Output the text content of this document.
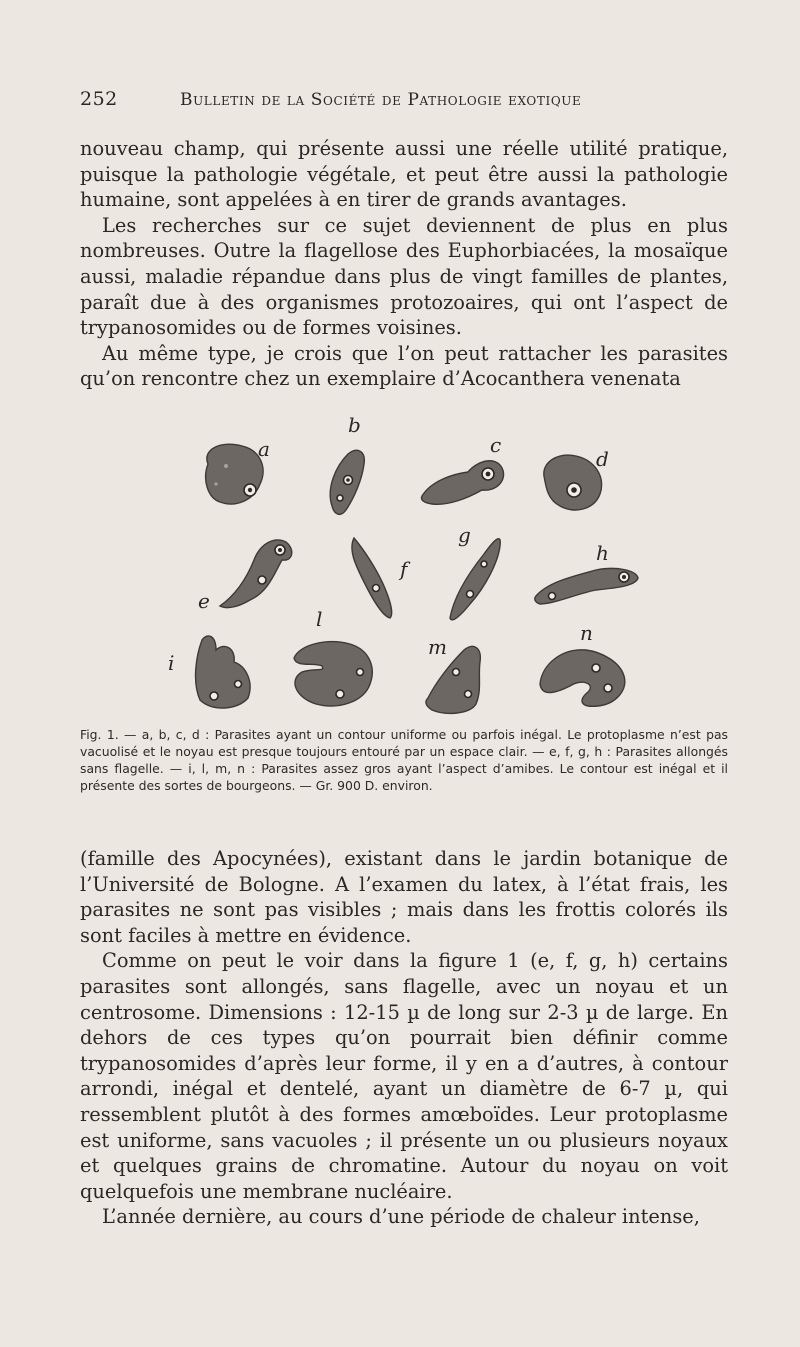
252	Bulletin de la Société de Pathologie exotique

nouveau champ, qui présente aussi une réelle utilité pratique, puisque la pathologie végétale, et peut être aussi la pathologie humaine, sont appelées à en tirer de grands avantages.

Les recherches sur ce sujet deviennent de plus en plus nombreuses. Outre la flagellose des Euphorbiacées, la mosaïque aussi, maladie répandue dans plus de vingt familles de plantes, paraît due à des organismes protozoaires, qui ont l’aspect de trypanosomides ou de formes voisines.

Au même type, je crois que l’on peut rattacher les parasites qu’on rencontre chez un exemplaire d’Acocanthera venenata

a
b
c
d
e
f
g
h
i
l
m
n

Fig. 1. — a, b, c, d : Parasites ayant un contour uniforme ou parfois inégal. Le protoplasme n’est pas vacuolisé et le noyau est presque toujours entouré par un espace clair. — e, f, g, h : Parasites allongés sans flagelle. — i, l, m, n : Parasites assez gros ayant l’aspect d’amibes. Le contour est inégal et il présente des sortes de bourgeons. — Gr. 900 D. environ.

(famille des Apocynées), existant dans le jardin botanique de l’Université de Bologne. A l’examen du latex, à l’état frais, les parasites ne sont pas visibles ; mais dans les frottis colorés ils sont faciles à mettre en évidence.

Comme on peut le voir dans la figure 1 (e, f, g, h) certains parasites sont allongés, sans flagelle, avec un noyau et un centrosome. Dimensions : 12-15 µ de long sur 2-3 µ de large. En dehors de ces types qu’on pourrait bien définir comme trypanosomides d’après leur forme, il y en a d’autres, à contour arrondi, inégal et dentelé, ayant un diamètre de 6-7 µ, qui ressemblent plutôt à des formes amœboïdes. Leur protoplasme est uniforme, sans vacuoles ; il présente un ou plusieurs noyaux et quelques grains de chromatine. Autour du noyau on voit quelquefois une membrane nucléaire.

L’année dernière, au cours d’une période de chaleur intense,
